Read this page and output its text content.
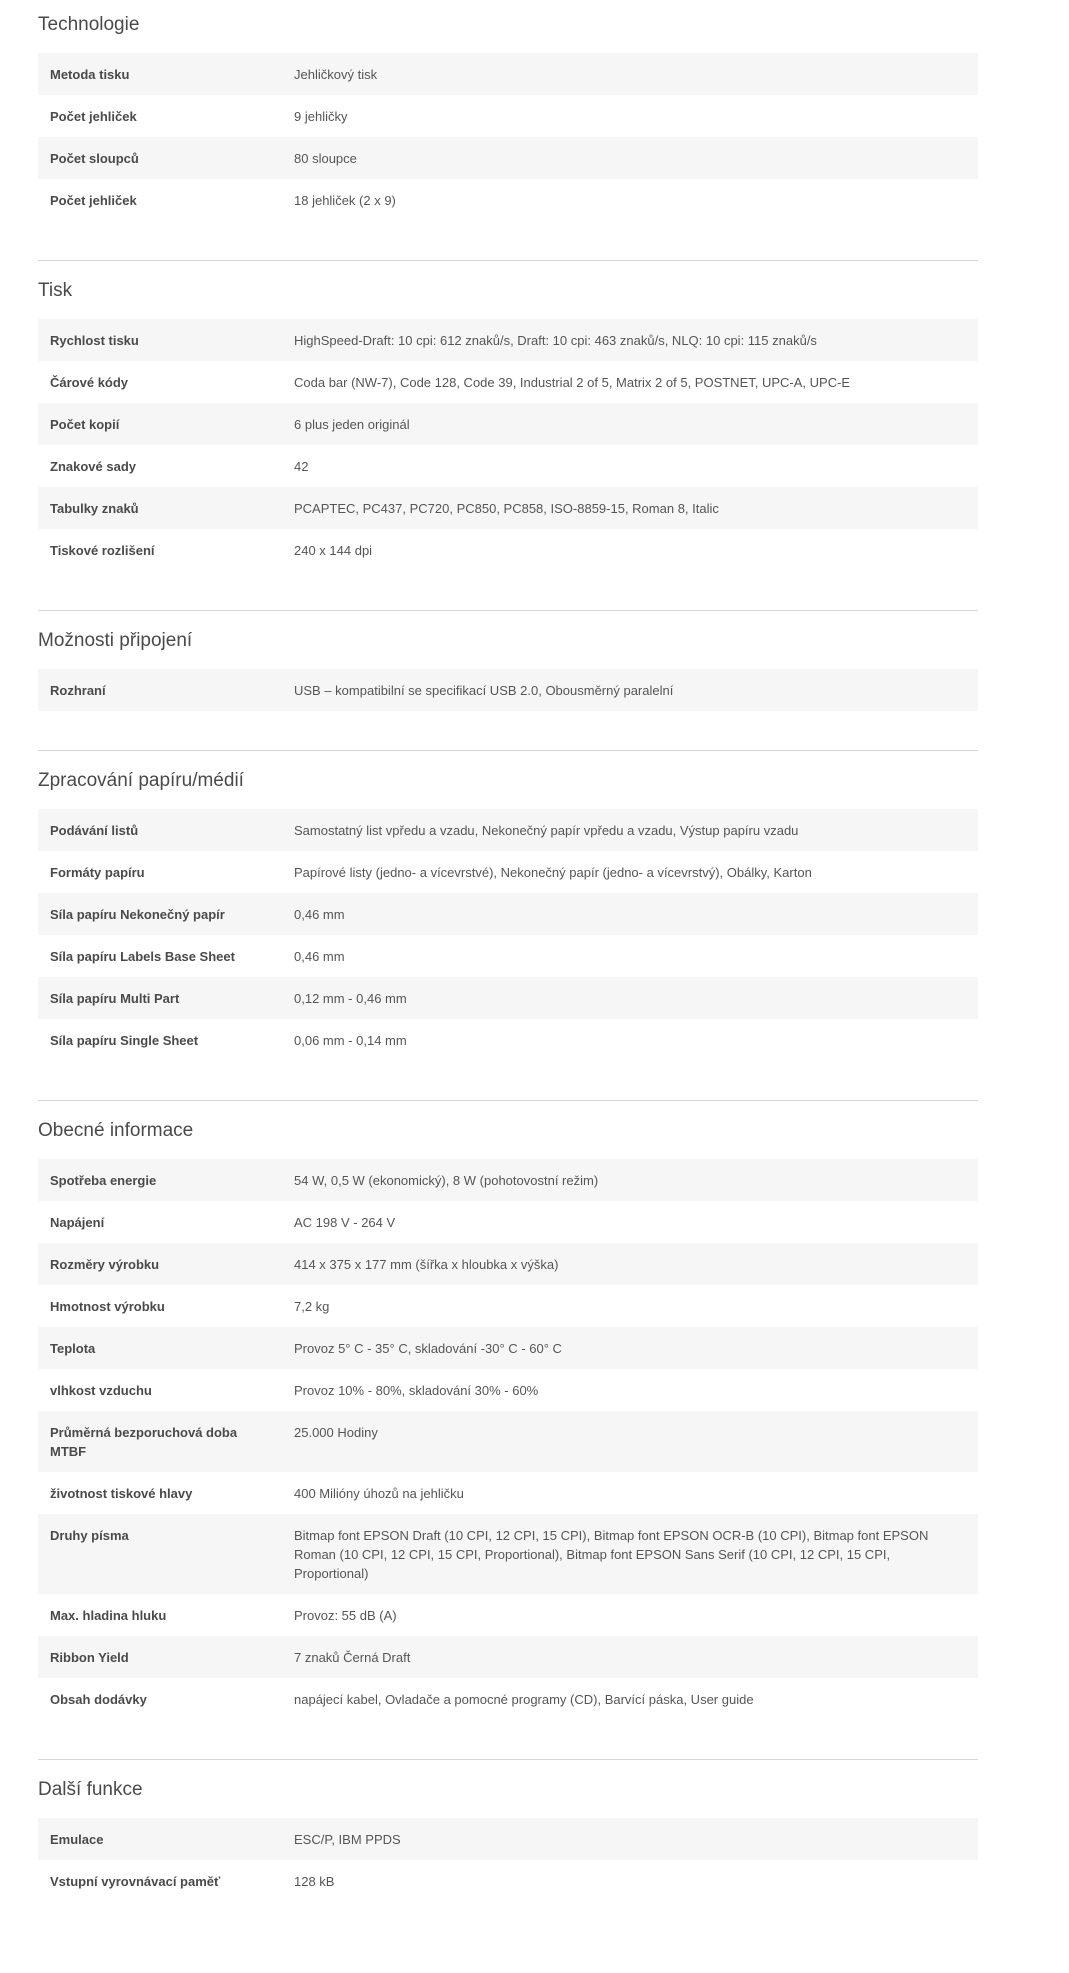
Technologie
Metoda tisku	Jehličkový tisk
Počet jehliček	9 jehličky
Počet sloupců	80 sloupce
Počet jehliček	18 jehliček (2 x 9)
Tisk
Rychlost tisku	HighSpeed-Draft: 10 cpi: 612 znaků/s, Draft: 10 cpi: 463 znaků/s, NLQ: 10 cpi: 115 znaků/s
Čárové kódy	Coda bar (NW-7), Code 128, Code 39, Industrial 2 of 5, Matrix 2 of 5, POSTNET, UPC-A, UPC-E
Počet kopií	6 plus jeden originál
Znakové sady	42
Tabulky znaků	PCAPTEC, PC437, PC720, PC850, PC858, ISO-8859-15, Roman 8, Italic
Tiskové rozlišení	240 x 144 dpi
Možnosti připojení
Rozhraní	USB – kompatibilní se specifikací USB 2.0, Obousměrný paralelní
Zpracování papíru/médií
Podávání listů	Samostatný list vpředu a vzadu, Nekonečný papír vpředu a vzadu, Výstup papíru vzadu
Formáty papíru	Papírové listy (jedno- a vícevrstvé), Nekonečný papír (jedno- a vícevrstvý), Obálky, Karton
Síla papíru Nekonečný papír	0,46 mm
Síla papíru Labels Base Sheet	0,46 mm
Síla papíru Multi Part	0,12 mm - 0,46 mm
Síla papíru Single Sheet	0,06 mm - 0,14 mm
Obecné informace
Spotřeba energie	54 W, 0,5 W (ekonomický), 8 W (pohotovostní režim)
Napájení	AC 198 V - 264 V
Rozměry výrobku	414 x 375 x 177 mm (šířka x hloubka x výška)
Hmotnost výrobku	7,2 kg
Teplota	Provoz 5° C - 35° C, skladování -30° C - 60° C
vlhkost vzduchu	Provoz 10% - 80%, skladování 30% - 60%
Průměrná bezporuchová doba MTBF	25.000 Hodiny
životnost tiskové hlavy	400 Milióny úhozů na jehličku
Druhy písma	Bitmap font EPSON Draft (10 CPI, 12 CPI, 15 CPI), Bitmap font EPSON OCR-B (10 CPI), Bitmap font EPSON Roman (10 CPI, 12 CPI, 15 CPI, Proportional), Bitmap font EPSON Sans Serif (10 CPI, 12 CPI, 15 CPI, Proportional)
Max. hladina hluku	Provoz: 55 dB (A)
Ribbon Yield	7 znaků Černá Draft
Obsah dodávky	napájecí kabel, Ovladače a pomocné programy (CD), Barvící páska, User guide
Další funkce
Emulace	ESC/P, IBM PPDS
Vstupní vyrovnávací paměť	128 kB
